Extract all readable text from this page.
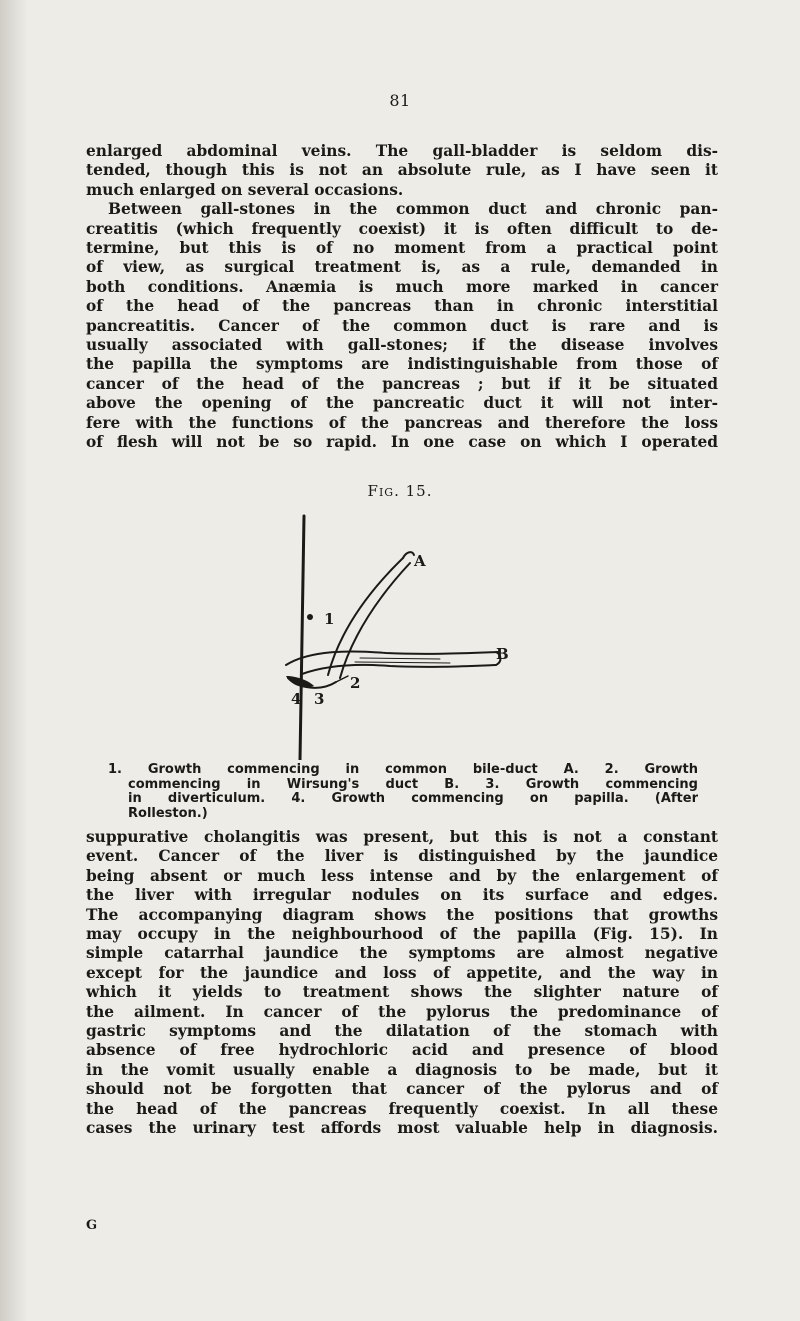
81
enlarged abdominal veins. The gall-bladder is seldom dis-
tended, though this is not an absolute rule, as I have seen it
much enlarged on several occasions.
Between gall-stones in the common duct and chronic pan-
creatitis (which frequently coexist) it is often difficult to de-
termine, but this is of no moment from a practical point
of view, as surgical treatment is, as a rule, demanded in
both conditions. Anæmia is much more marked in cancer
of the head of the pancreas than in chronic interstitial
pancreatitis. Cancer of the common duct is rare and is
usually associated with gall-stones; if the disease involves
the papilla the symptoms are indistinguishable from those of
cancer of the head of the pancreas ; but if it be situated
above the opening of the pancreatic duct it will not inter-
fere with the functions of the pancreas and therefore the loss
of flesh will not be so rapid. In one case on which I operated
Fig. 15.
A
B
1
2
3
4
1. Growth commencing in common bile-duct A. 2. Growth
commencing in Wirsung's duct B. 3. Growth commencing
in diverticulum. 4. Growth commencing on papilla. (After
Rolleston.)
suppurative cholangitis was present, but this is not a constant
event. Cancer of the liver is distinguished by the jaundice
being absent or much less intense and by the enlargement of
the liver with irregular nodules on its surface and edges.
The accompanying diagram shows the positions that growths
may occupy in the neighbourhood of the papilla (Fig. 15). In
simple catarrhal jaundice the symptoms are almost negative
except for the jaundice and loss of appetite, and the way in
which it yields to treatment shows the slighter nature of
the ailment. In cancer of the pylorus the predominance of
gastric symptoms and the dilatation of the stomach with
absence of free hydrochloric acid and presence of blood
in the vomit usually enable a diagnosis to be made, but it
should not be forgotten that cancer of the pylorus and of
the head of the pancreas frequently coexist. In all these
cases the urinary test affords most valuable help in diagnosis.
G
